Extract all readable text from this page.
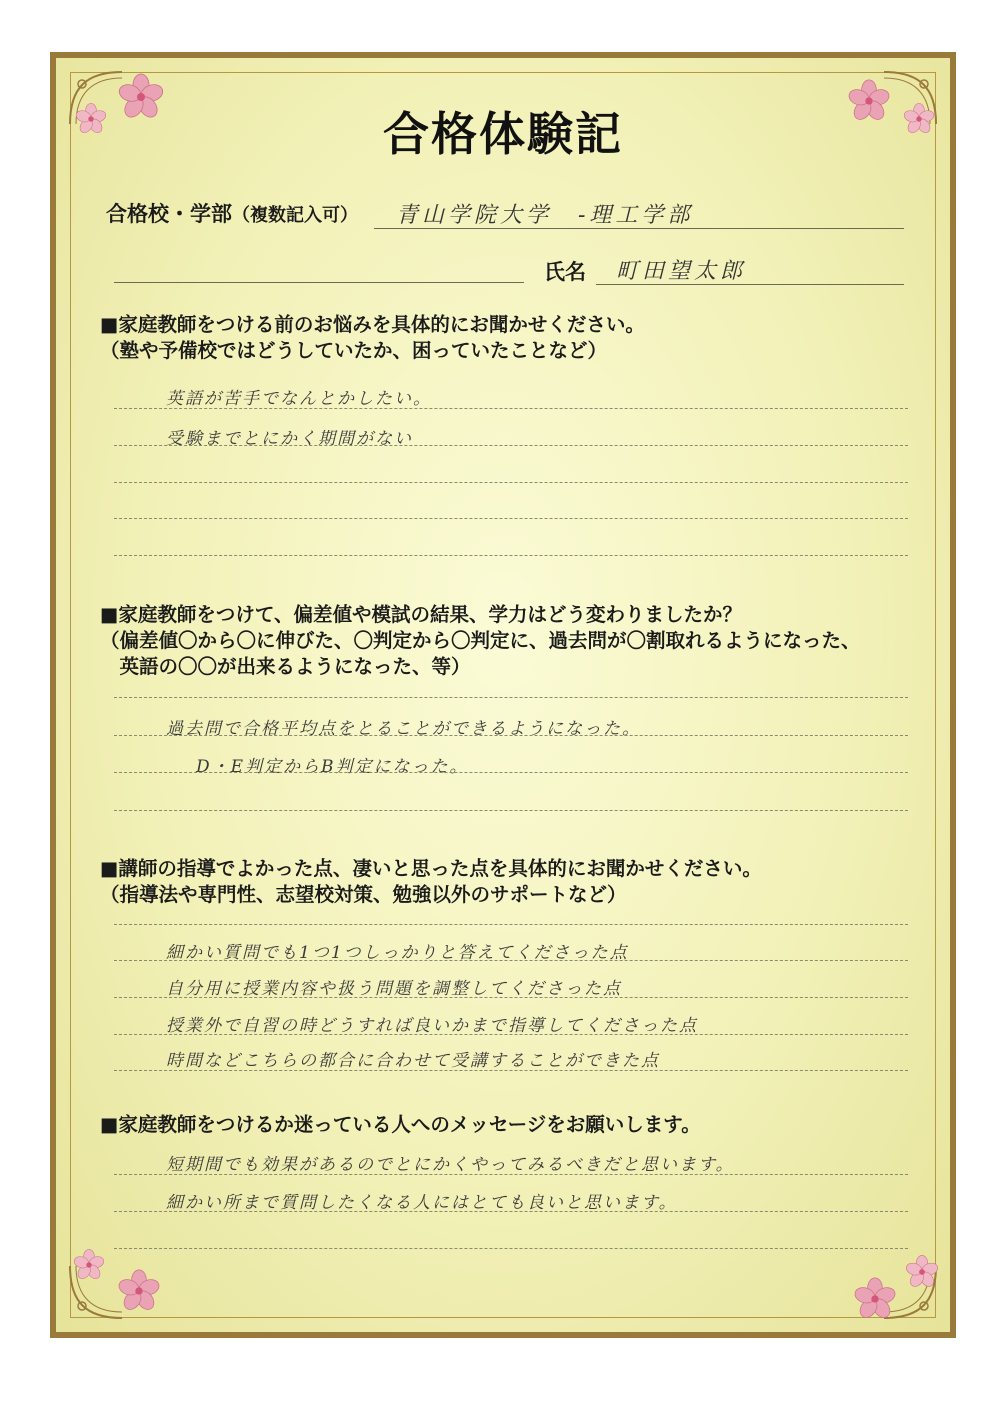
合格体験記
合格校・学部（複数記入可） 青山学院大学　-理工学部
氏名 町田望太郎
■家庭教師をつける前のお悩みを具体的にお聞かせください。
（塾や予備校ではどうしていたか、困っていたことなど）
英語が苦手でなんとかしたい。
受験までとにかく期間がない
■家庭教師をつけて、偏差値や模試の結果、学力はどう変わりましたか？
（偏差値〇から〇に伸びた、〇判定から〇判定に、過去問が〇割取れるようになった、
　英語の〇〇が出来るようになった、等）
過去問で合格平均点をとることができるようになった。
D・E判定からB判定になった。
■講師の指導でよかった点、凄いと思った点を具体的にお聞かせください。
（指導法や専門性、志望校対策、勉強以外のサポートなど）
細かい質問でも1つ1つしっかりと答えてくださった点
自分用に授業内容や扱う問題を調整してくださった点
授業外で自習の時どうすれば良いかまで指導してくださった点
時間などこちらの都合に合わせて受講することができた点
■家庭教師をつけるか迷っている人へのメッセージをお願いします。
短期間でも効果があるのでとにかくやってみるべきだと思います。
細かい所まで質問したくなる人にはとても良いと思います。
